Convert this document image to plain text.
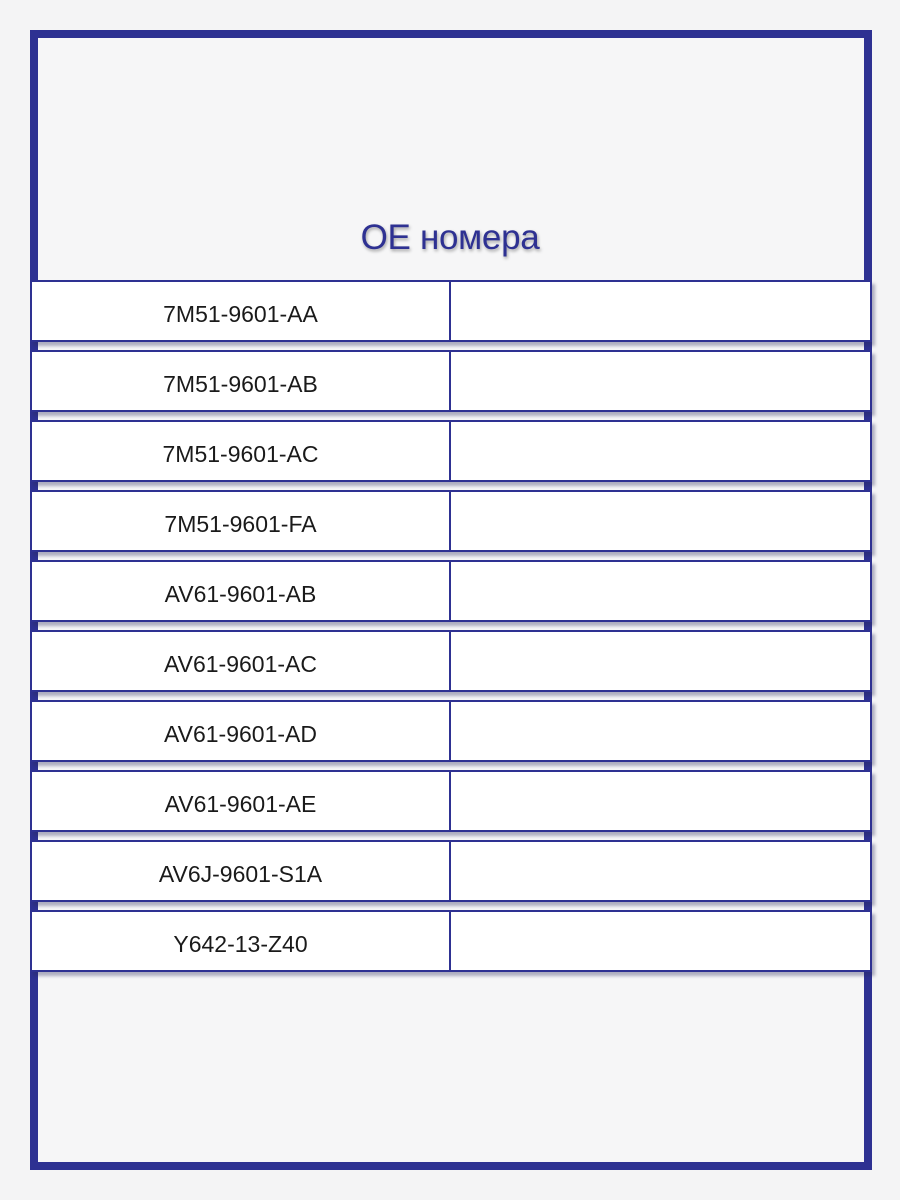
ОЕ номера
7M51-9601-AA
7M51-9601-AB
7M51-9601-AC
7M51-9601-FA
AV61-9601-AB
AV61-9601-AC
AV61-9601-AD
AV61-9601-AE
AV6J-9601-S1A
Y642-13-Z40
